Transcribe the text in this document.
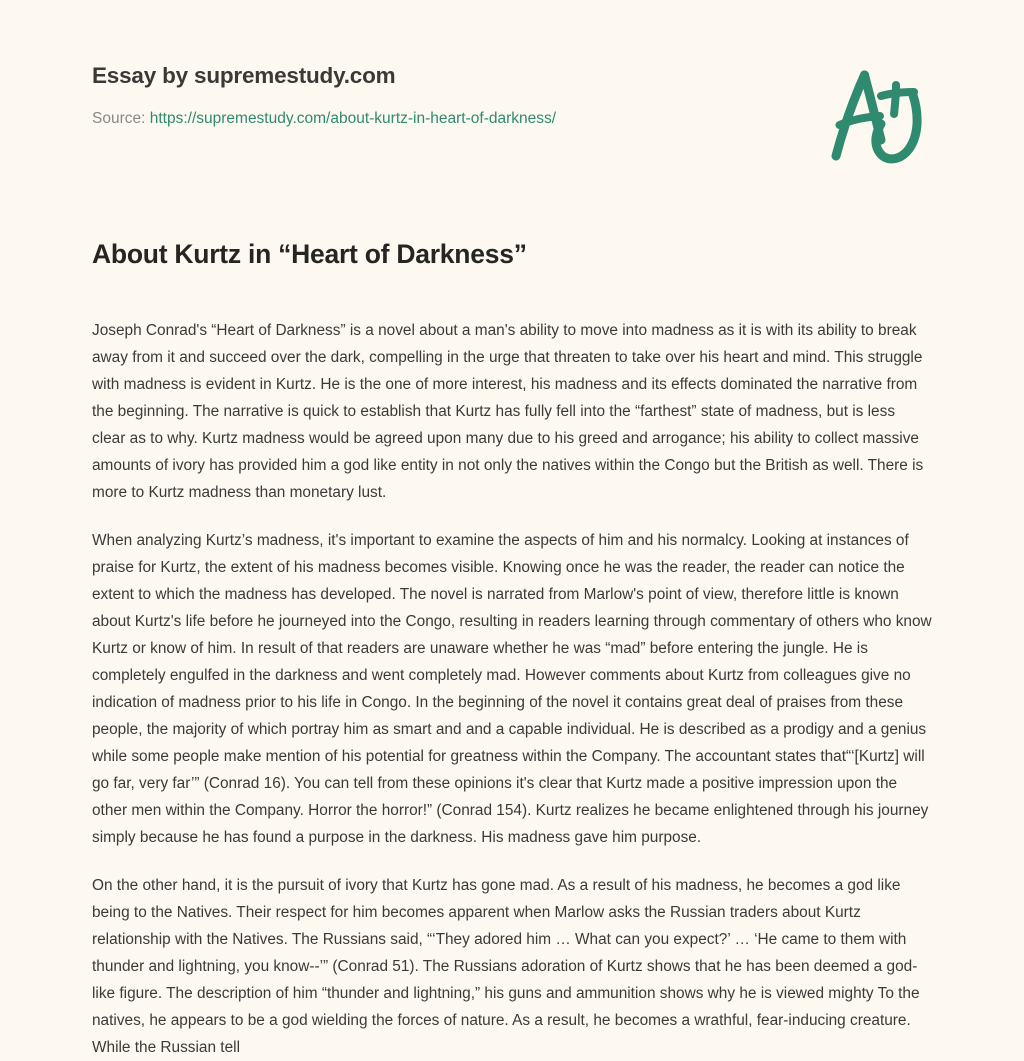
Essay by supremestudy.com
Source: https://supremestudy.com/about-kurtz-in-heart-of-darkness/
About Kurtz in “Heart of Darkness”

Joseph Conrad's “Heart of Darkness” is a novel about a man's ability to move into madness as it is with its ability to break away from it and succeed over the dark, compelling in the urge that threaten to take over his heart and mind. This struggle with madness is evident in Kurtz. He is the one of more interest, his madness and its effects dominated the narrative from the beginning. The narrative is quick to establish that Kurtz has fully fell into the “farthest” state of madness, but is less clear as to why. Kurtz madness would be agreed upon many due to his greed and arrogance; his ability to collect massive amounts of ivory has provided him a god like entity in not only the natives within the Congo but the British as well. There is more to Kurtz madness than monetary lust.

When analyzing Kurtz’s madness, it's important to examine the aspects of him and his normalcy. Looking at instances of praise for Kurtz, the extent of his madness becomes visible. Knowing once he was the reader, the reader can notice the extent to which the madness has developed. The novel is narrated from Marlow's point of view, therefore little is known about Kurtz's life before he journeyed into the Congo, resulting in readers learning through commentary of others who know Kurtz or know of him. In result of that readers are unaware whether he was “mad” before entering the jungle. He is completely engulfed in the darkness and went completely mad. However comments about Kurtz from colleagues give no indication of madness prior to his life in Congo. In the beginning of the novel it contains great deal of praises from these people, the majority of which portray him as smart and and a capable individual. He is described as a prodigy and a genius while some people make mention of his potential for greatness within the Company. The accountant states that“‘[Kurtz] will go far, very far’” (Conrad 16). You can tell from these opinions it's clear that Kurtz made a positive impression upon the other men within the Company. Horror the horror!” (Conrad 154). Kurtz realizes he became enlightened through his journey simply because he has found a purpose in the darkness. His madness gave him purpose.

On the other hand, it is the pursuit of ivory that Kurtz has gone mad. As a result of his madness, he becomes a god like being to the Natives. Their respect for him becomes apparent when Marlow asks the Russian traders about Kurtz relationship with the Natives. The Russians said, “‘They adored him … What can you expect?’ … ‘He came to them with thunder and lightning, you know--’” (Conrad 51). The Russians adoration of Kurtz shows that he has been deemed a god-like figure. The description of him “thunder and lightning,” his guns and ammunition shows why he is viewed mighty To the natives, he appears to be a god wielding the forces of nature. As a result, he becomes a wrathful, fear-inducing creature. While the Russian tell
